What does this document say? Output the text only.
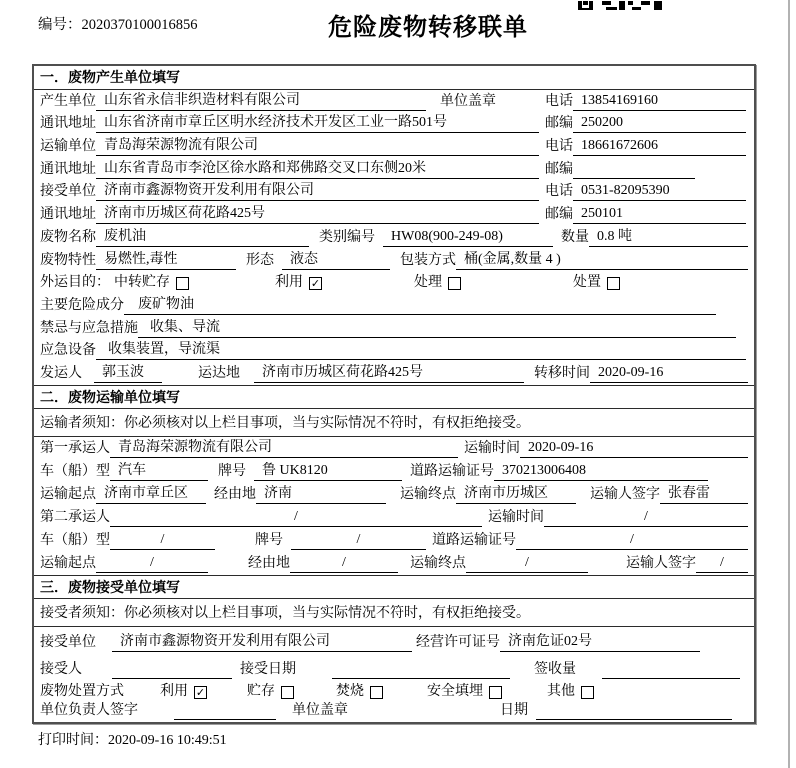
编号：2020370100016856	危险废物转移联单
一．废物产生单位填写
产生单位 山东省永信非织造材料有限公司	单位盖章	电话 13854169160
通讯地址 山东省济南市章丘区明水经济技术开发区工业一路501号	邮编 250200
运输单位 青岛海荣源物流有限公司	电话 18661672606
通讯地址 山东省青岛市李沧区徐水路和郑佛路交叉口东侧20米	邮编
接受单位 济南市鑫源物资开发利用有限公司	电话 0531-82095390
通讯地址 济南市历城区荷花路425号	邮编 250101
废物名称 废机油	类别编号	HW08(900-249-08)	数量 0.8 吨
废物特性 易燃性,毒性	形态	液态	包装方式 桶(金属,数量 4 )
外运目的： 中转贮存	利用 ✓	处理	处置
主要危险成分	废矿物油
禁忌与应急措施 收集、导流
应急设备 收集装置，导流渠
发运人	郭玉波	运达地	济南市历城区荷花路425号	转移时间 2020-09-16
二．废物运输单位填写
运输者须知： 你必须核对以上栏目事项，当与实际情况不符时，有权拒绝接受。
第一承运人 青岛海荣源物流有限公司	运输时间 2020-09-16
车（船）型 汽车	牌号	鲁 UK8120	道路运输证号 370213006408
运输起点 济南市章丘区	经由地 济南	运输终点 济南市历城区	运输人签字 张春雷
第二承运人	/	运输时间	/
车（船）型	/	牌号	/	道路运输证号	/
运输起点	/	经由地	/	运输终点	/	运输人签字	/
三．废物接受单位填写
接受者须知： 你必须核对以上栏目事项，当与实际情况不符时，有权拒绝接受。
接受单位	济南市鑫源物资开发利用有限公司	经营许可证号 济南危证02号
接受人	接受日期	签收量
废物处置方式	利用 ✓	贮存	焚烧	安全填埋	其他
单位负责人签字	单位盖章	日期
打印时间：2020-09-16 10:49:51
